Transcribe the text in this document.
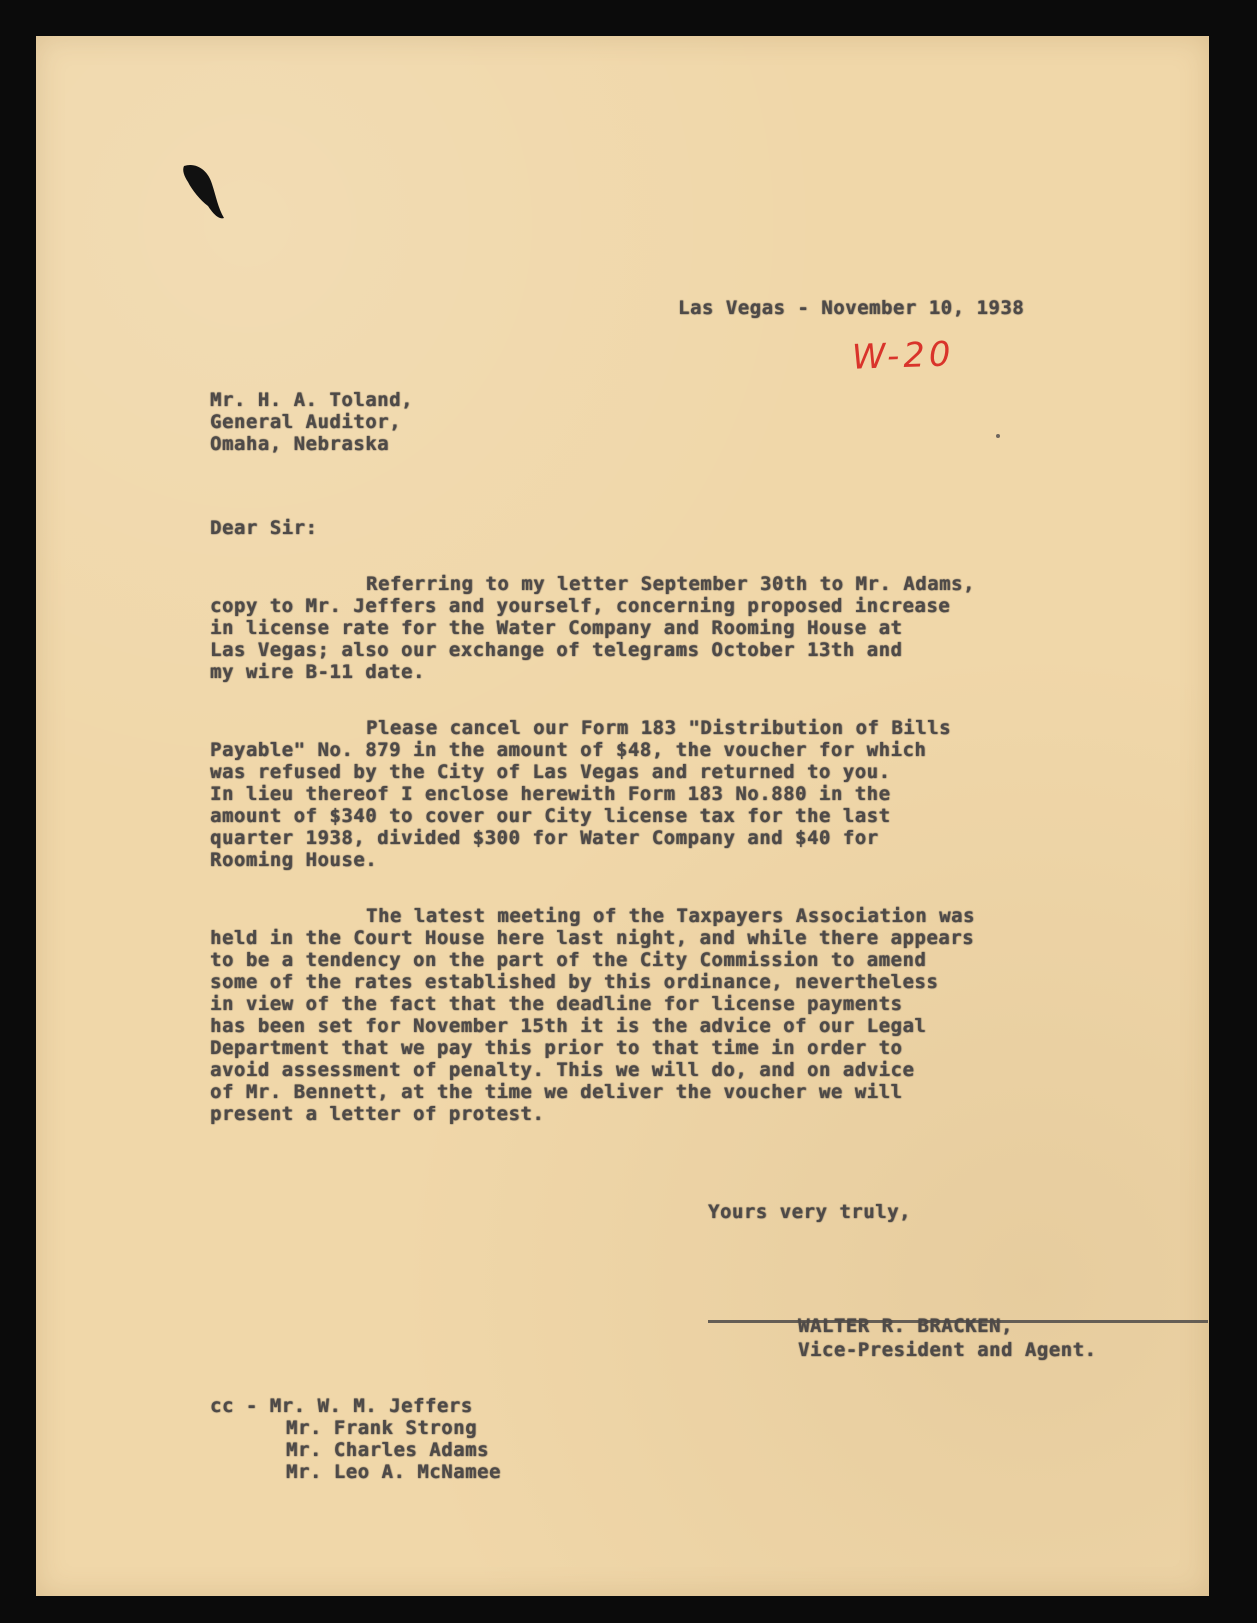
Las Vegas - November 10, 1938

W-20

Mr. H. A. Toland,

General Auditor,

Omaha, Nebraska

Dear Sir:

Referring to my letter September 30th to Mr. Adams,

copy to Mr. Jeffers and yourself, concerning proposed increase

in license rate for the Water Company and Rooming House at

Las Vegas; also our exchange of telegrams October 13th and

my wire B-11 date.

Please cancel our Form 183 "Distribution of Bills

Payable" No. 879 in the amount of $48, the voucher for which

was refused by the City of Las Vegas and returned to you.

In lieu thereof I enclose herewith Form 183 No.880 in the

amount of $340 to cover our City license tax for the last

quarter 1938, divided $300 for Water Company and $40 for

Rooming House.

The latest meeting of the Taxpayers Association was

held in the Court House here last night, and while there appears

to be a tendency on the part of the City Commission to amend

some of the rates established by this ordinance, nevertheless

in view of the fact that the deadline for license payments

has been set for November 15th it is the advice of our Legal

Department that we pay this prior to that time in order to

avoid assessment of penalty. This we will do, and on advice

of Mr. Bennett, at the time we deliver the voucher we will

present a letter of protest.

Yours very truly,

WALTER R. BRACKEN,

Vice-President and Agent.

cc - Mr. W. M. Jeffers

Mr. Frank Strong

Mr. Charles Adams

Mr. Leo A. McNamee
